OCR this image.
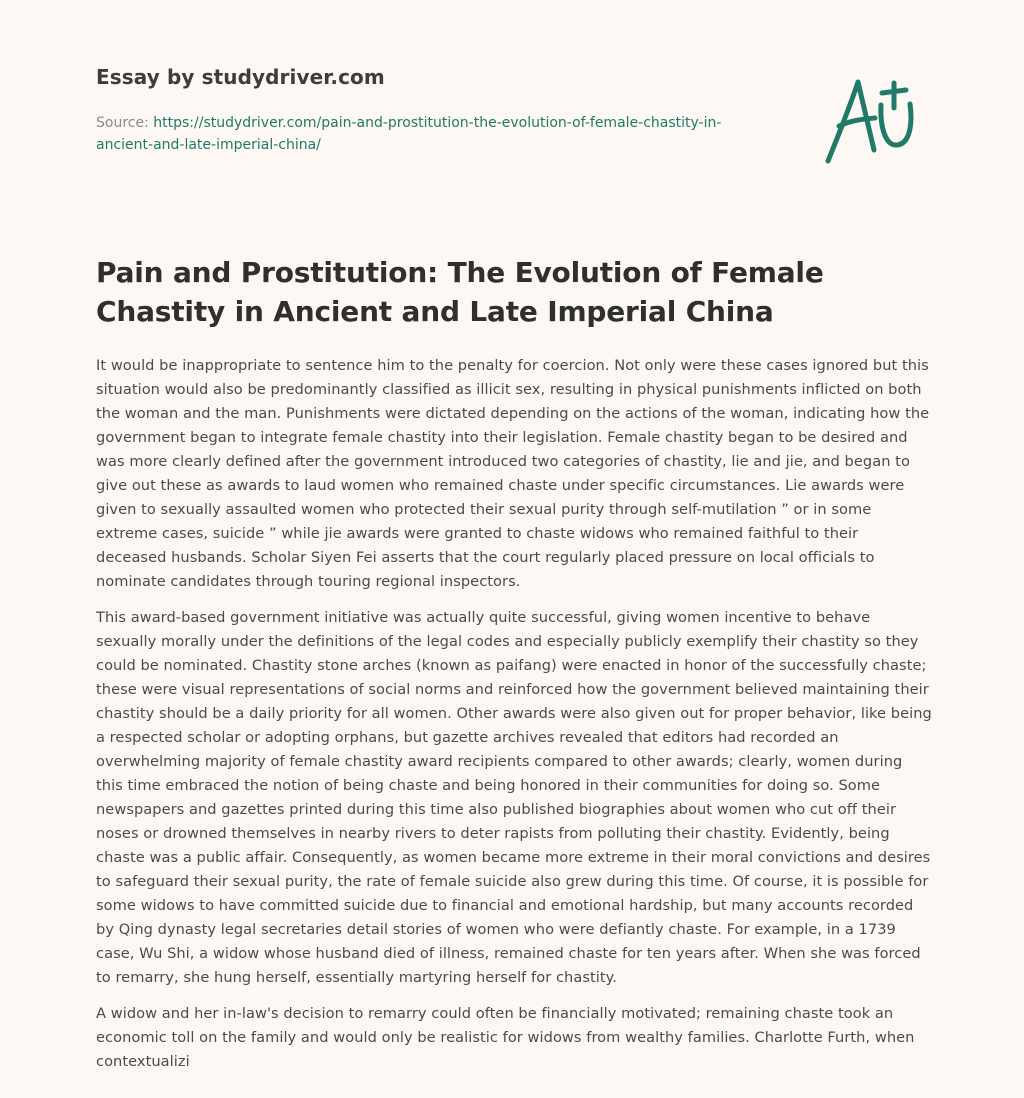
Essay by studydriver.com
Source: https://studydriver.com/pain-and-prostitution-the-evolution-of-female-chastity-in-ancient-and-late-imperial-china/
Pain and Prostitution: The Evolution of Female Chastity in Ancient and Late Imperial China

It would be inappropriate to sentence him to the penalty for coercion. Not only were these cases ignored but this situation would also be predominantly classified as illicit sex, resulting in physical punishments inflicted on both the woman and the man. Punishments were dictated depending on the actions of the woman, indicating how the government began to integrate female chastity into their legislation. Female chastity began to be desired and was more clearly defined after the government introduced two categories of chastity, lie and jie, and began to give out these as awards to laud women who remained chaste under specific circumstances. Lie awards were given to sexually assaulted women who protected their sexual purity through self-mutilation ” or in some extreme cases, suicide ” while jie awards were granted to chaste widows who remained faithful to their deceased husbands. Scholar Siyen Fei asserts that the court regularly placed pressure on local officials to nominate candidates through touring regional inspectors.

This award-based government initiative was actually quite successful, giving women incentive to behave sexually morally under the definitions of the legal codes and especially publicly exemplify their chastity so they could be nominated. Chastity stone arches (known as paifang) were enacted in honor of the successfully chaste; these were visual representations of social norms and reinforced how the government believed maintaining their chastity should be a daily priority for all women. Other awards were also given out for proper behavior, like being a respected scholar or adopting orphans, but gazette archives revealed that editors had recorded an overwhelming majority of female chastity award recipients compared to other awards; clearly, women during this time embraced the notion of being chaste and being honored in their communities for doing so. Some newspapers and gazettes printed during this time also published biographies about women who cut off their noses or drowned themselves in nearby rivers to deter rapists from polluting their chastity. Evidently, being chaste was a public affair. Consequently, as women became more extreme in their moral convictions and desires to safeguard their sexual purity, the rate of female suicide also grew during this time. Of course, it is possible for some widows to have committed suicide due to financial and emotional hardship, but many accounts recorded by Qing dynasty legal secretaries detail stories of women who were defiantly chaste. For example, in a 1739 case, Wu Shi, a widow whose husband died of illness, remained chaste for ten years after. When she was forced to remarry, she hung herself, essentially martyring herself for chastity.

A widow and her in-law's decision to remarry could often be financially motivated; remaining chaste took an economic toll on the family and would only be realistic for widows from wealthy families. Charlotte Furth, when contextualizi
